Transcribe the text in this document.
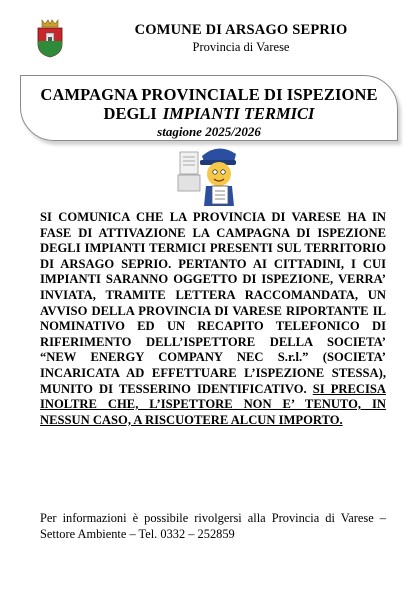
COMUNE DI ARSAGO SEPRIO
Provincia di Varese
CAMPAGNA PROVINCIALE DI ISPEZIONE
DEGLI IMPIANTI TERMICI
stagione 2025/2026
SI COMUNICA CHE LA PROVINCIA DI VARESE HA IN FASE DI ATTIVAZIONE LA CAMPAGNA DI ISPEZIONE DEGLI IMPIANTI TERMICI PRESENTI SUL TERRITORIO DI ARSAGO SEPRIO. PERTANTO AI CITTADINI, I CUI IMPIANTI SARANNO OGGETTO DI ISPEZIONE, VERRA’ INVIATA, TRAMITE LETTERA RACCOMANDATA, UN AVVISO DELLA PROVINCIA DI VARESE RIPORTANTE IL NOMINATIVO ED UN RECAPITO TELEFONICO DI RIFERIMENTO DELL’ISPETTORE DELLA SOCIETA’ “NEW ENERGY COMPANY NEC S.r.l.” (SOCIETA’ INCARICATA AD EFFETTUARE L’ISPEZIONE STESSA), MUNITO DI TESSERINO IDENTIFICATIVO. SI PRECISA INOLTRE CHE, L’ISPETTORE NON E’ TENUTO, IN NESSUN CASO, A RISCUOTERE ALCUN IMPORTO.
Per informazioni è possibile rivolgersi alla Provincia di Varese – Settore Ambiente – Tel. 0332 – 252859
